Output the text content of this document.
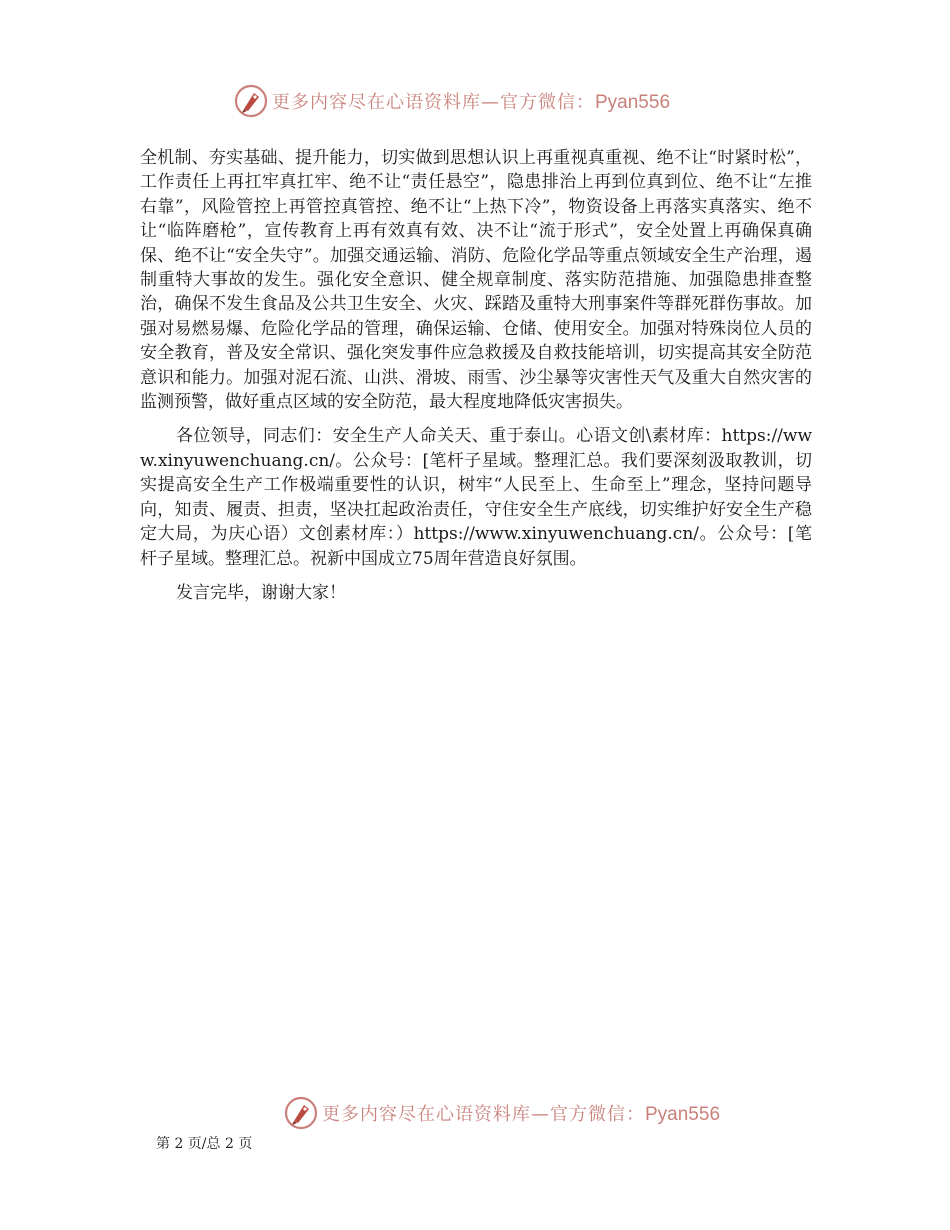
更多内容尽在心语资料库—官方微信：Pyan556

全机制、夯实基础、提升能力，切实做到思想认识上再重视真重视、绝不让“时紧时松”，工作责任上再扛牢真扛牢、绝不让“责任悬空”，隐患排治上再到位真到位、绝不让“左推右靠”，风险管控上再管控真管控、绝不让“上热下冷”，物资设备上再落实真落实、绝不让“临阵磨枪”，宣传教育上再有效真有效、决不让“流于形式”，安全处置上再确保真确保、绝不让“安全失守”。加强交通运输、消防、危险化学品等重点领域安全生产治理，遏制重特大事故的发生。强化安全意识、健全规章制度、落实防范措施、加强隐患排查整治，确保不发生食品及公共卫生安全、火灾、踩踏及重特大刑事案件等群死群伤事故。加强对易燃易爆、危险化学品的管理，确保运输、仓储、使用安全。加强对特殊岗位人员的安全教育，普及安全常识、强化突发事件应急救援及自救技能培训，切实提高其安全防范意识和能力。加强对泥石流、山洪、滑坡、雨雪、沙尘暴等灾害性天气及重大自然灾害的监测预警，做好重点区域的安全防范，最大程度地降低灾害损失。

各位领导，同志们：安全生产人命关天、重于泰山。心语文创\素材库：https://www.xinyuwenchuang.cn/。公众号：[笔杆子星域。整理汇总。我们要深刻汲取教训，切实提高安全生产工作极端重要性的认识，树牢“人民至上、生命至上”理念，坚持问题导向，知责、履责、担责，坚决扛起政治责任，守住安全生产底线，切实维护好安全生产稳定大局，为庆心语）文创素材库：）https://www.xinyuwenchuang.cn/。公众号：[笔杆子星域。整理汇总。祝新中国成立75周年营造良好氛围。

发言完毕，谢谢大家！

更多内容尽在心语资料库—官方微信：Pyan556
第 2 页/总 2 页
